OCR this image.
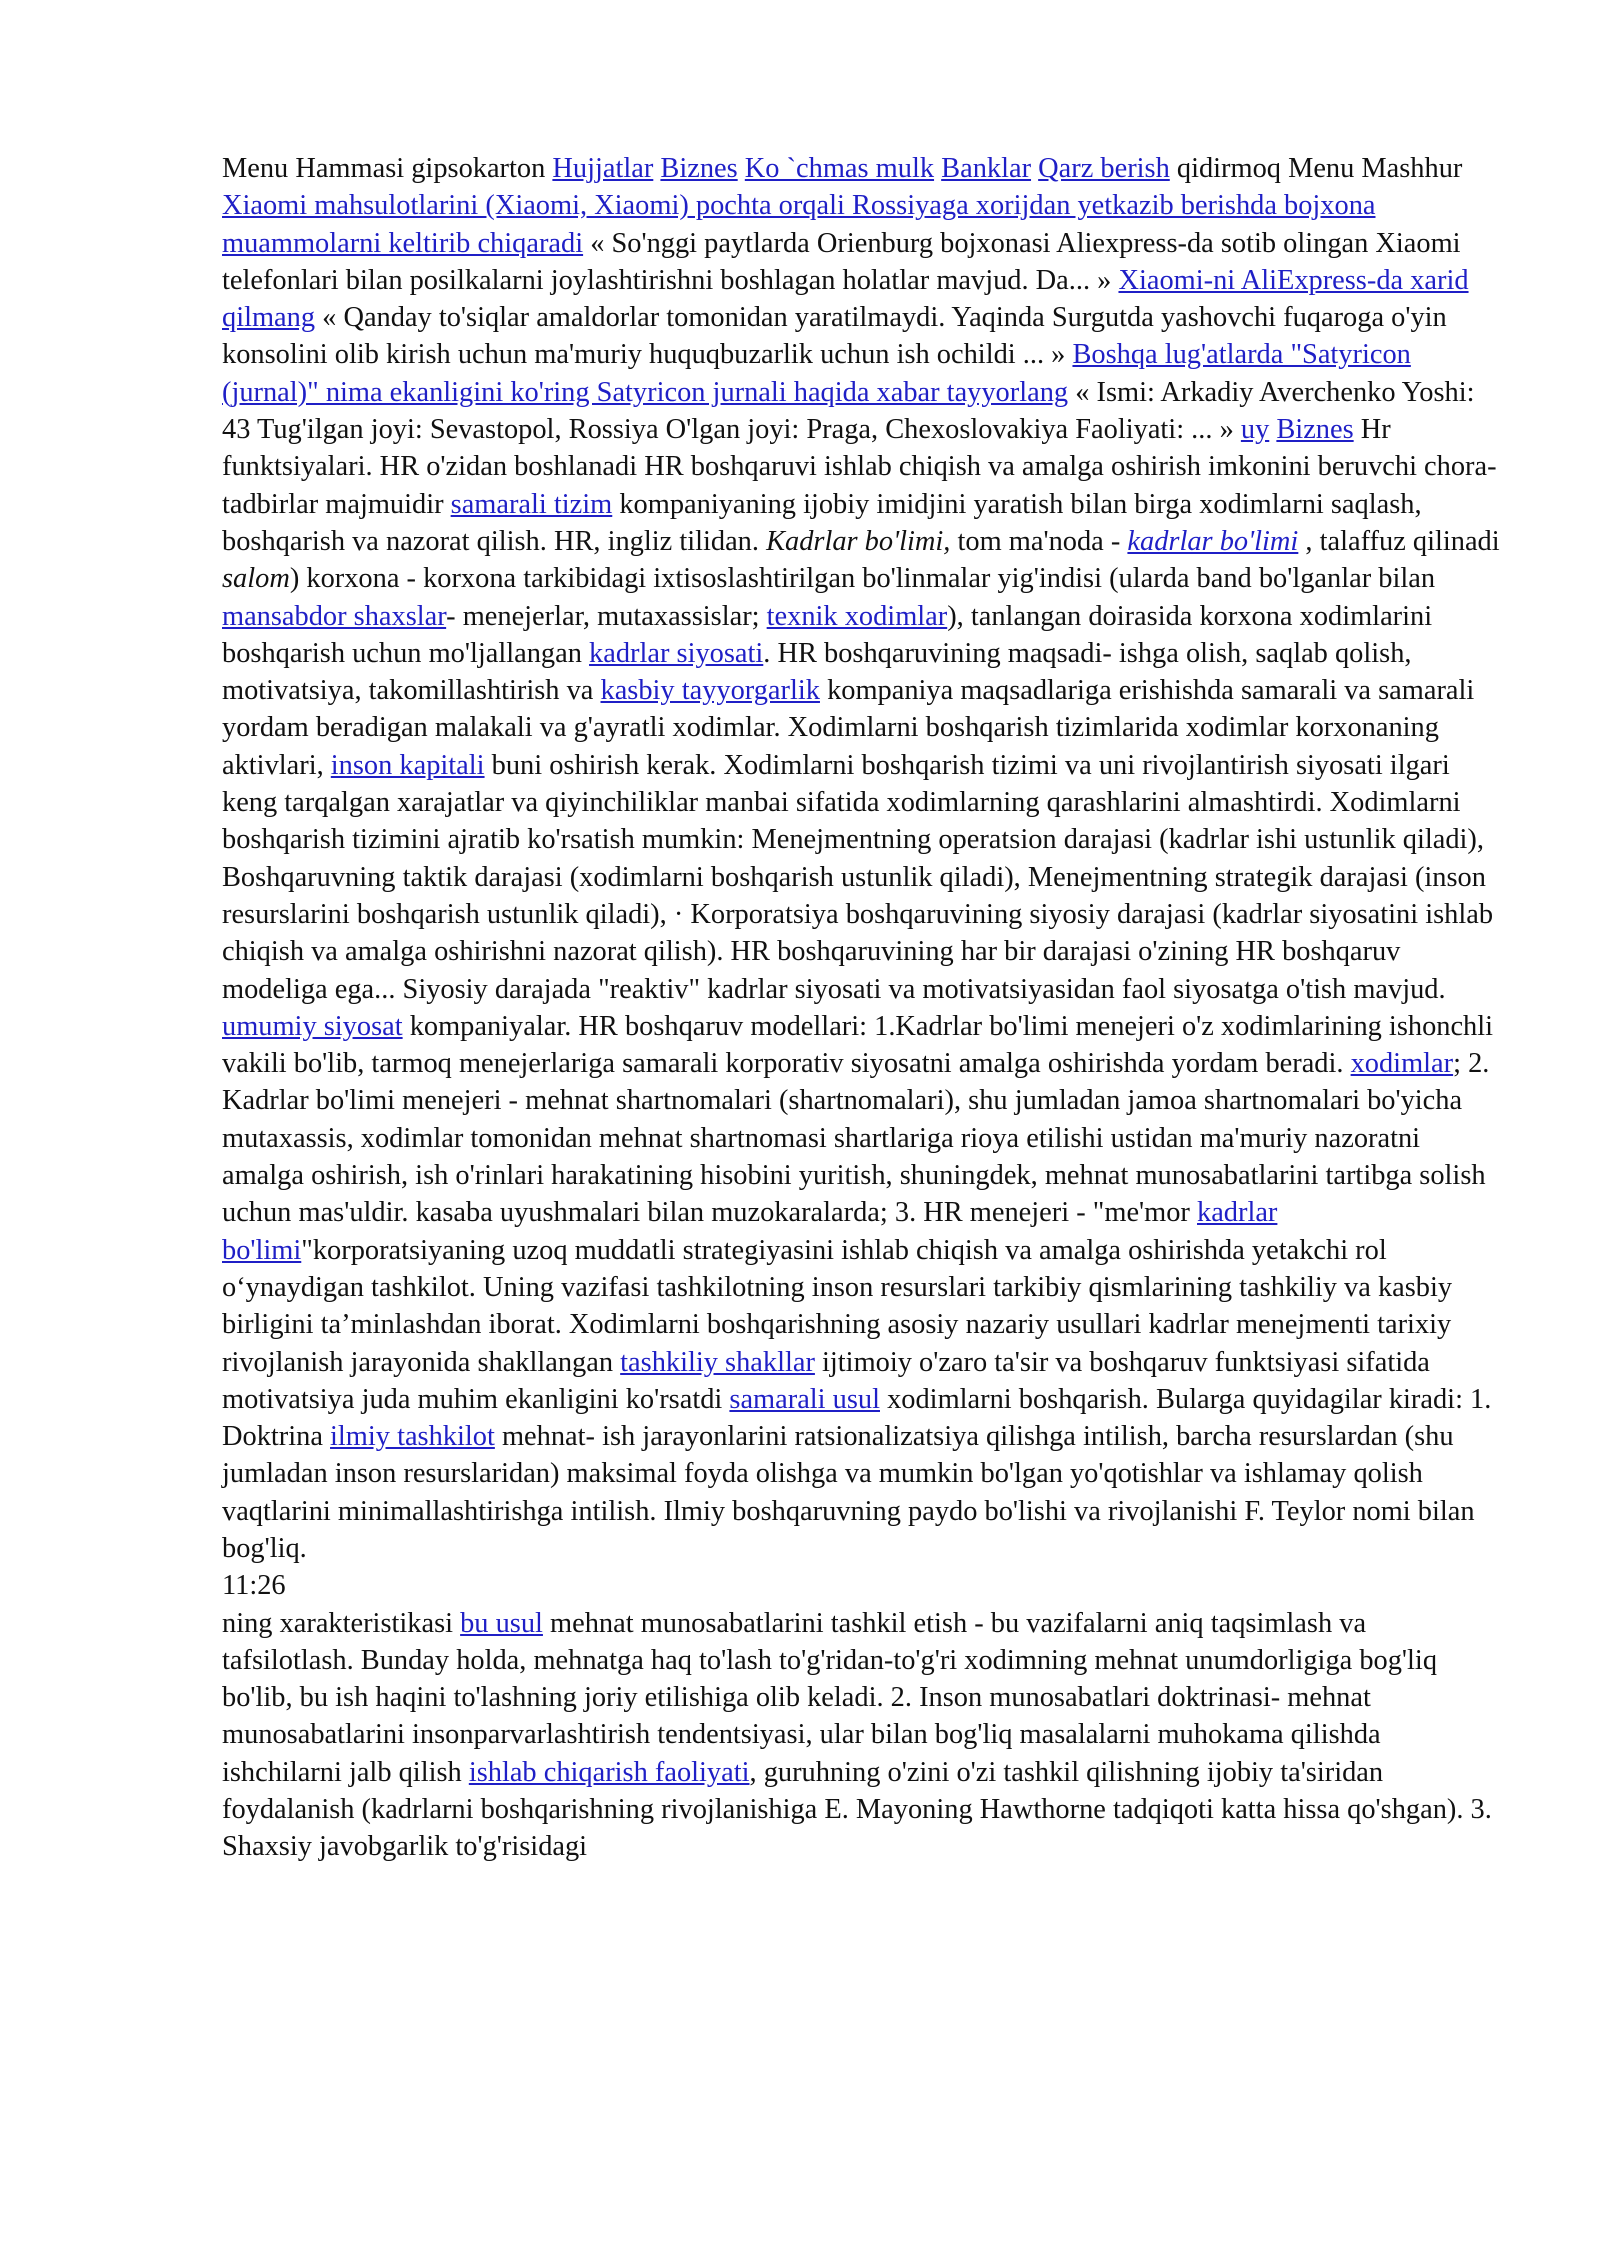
Menu Hammasi gipsokarton Hujjatlar Biznes Ko `chmas mulk Banklar Qarz berish qidirmoq Menu Mashhur Xiaomi mahsulotlarini (Xiaomi, Xiaomi) pochta orqali Rossiyaga xorijdan yetkazib berishda bojxona muammolarni keltirib chiqaradi « So'nggi paytlarda Orienburg bojxonasi Aliexpress-da sotib olingan Xiaomi telefonlari bilan posilkalarni joylashtirishni boshlagan holatlar mavjud. Da... » Xiaomi-ni AliExpress-da xarid qilmang « Qanday to'siqlar amaldorlar tomonidan yaratilmaydi. Yaqinda Surgutda yashovchi fuqaroga o'yin konsolini olib kirish uchun ma'muriy huquqbuzarlik uchun ish ochildi ... » Boshqa lug'atlarda "Satyricon (jurnal)" nima ekanligini ko'ring Satyricon jurnali haqida xabar tayyorlang « Ismi: Arkadiy Averchenko Yoshi: 43 Tug'ilgan joyi: Sevastopol, Rossiya O'lgan joyi: Praga, Chexoslovakiya Faoliyati: ... » uy Biznes Hr funktsiyalari. HR o'zidan boshlanadi HR boshqaruvi ishlab chiqish va amalga oshirish imkonini beruvchi chora-tadbirlar majmuidir samarali tizim kompaniyaning ijobiy imidjini yaratish bilan birga xodimlarni saqlash, boshqarish va nazorat qilish. HR, ingliz tilidan. Kadrlar bo'limi, tom ma'noda - kadrlar bo'limi , talaffuz qilinadi salom) korxona - korxona tarkibidagi ixtisoslashtirilgan bo'linmalar yig'indisi (ularda band bo'lganlar bilan mansabdor shaxslar- menejerlar, mutaxassislar; texnik xodimlar), tanlangan doirasida korxona xodimlarini boshqarish uchun mo'ljallangan kadrlar siyosati. HR boshqaruvining maqsadi- ishga olish, saqlab qolish, motivatsiya, takomillashtirish va kasbiy tayyorgarlik kompaniya maqsadlariga erishishda samarali va samarali yordam beradigan malakali va g'ayratli xodimlar. Xodimlarni boshqarish tizimlarida xodimlar korxonaning aktivlari, inson kapitali buni oshirish kerak. Xodimlarni boshqarish tizimi va uni rivojlantirish siyosati ilgari keng tarqalgan xarajatlar va qiyinchiliklar manbai sifatida xodimlarning qarashlarini almashtirdi. Xodimlarni boshqarish tizimini ajratib ko'rsatish mumkin: Menejmentning operatsion darajasi (kadrlar ishi ustunlik qiladi), Boshqaruvning taktik darajasi (xodimlarni boshqarish ustunlik qiladi), Menejmentning strategik darajasi (inson resurslarini boshqarish ustunlik qiladi), · Korporatsiya boshqaruvining siyosiy darajasi (kadrlar siyosatini ishlab chiqish va amalga oshirishni nazorat qilish). HR boshqaruvining har bir darajasi o'zining HR boshqaruv modeliga ega... Siyosiy darajada "reaktiv" kadrlar siyosati va motivatsiyasidan faol siyosatga o'tish mavjud. umumiy siyosat kompaniyalar. HR boshqaruv modellari: 1.Kadrlar bo'limi menejeri o'z xodimlarining ishonchli vakili bo'lib, tarmoq menejerlariga samarali korporativ siyosatni amalga oshirishda yordam beradi. xodimlar; 2. Kadrlar bo'limi menejeri - mehnat shartnomalari (shartnomalari), shu jumladan jamoa shartnomalari bo'yicha mutaxassis, xodimlar tomonidan mehnat shartnomasi shartlariga rioya etilishi ustidan ma'muriy nazoratni amalga oshirish, ish o'rinlari harakatining hisobini yuritish, shuningdek, mehnat munosabatlarini tartibga solish uchun mas'uldir. kasaba uyushmalari bilan muzokaralarda; 3. HR menejeri - "me'mor kadrlar bo'limi"korporatsiyaning uzoq muddatli strategiyasini ishlab chiqish va amalga oshirishda yetakchi rol o‘ynaydigan tashkilot. Uning vazifasi tashkilotning inson resurslari tarkibiy qismlarining tashkiliy va kasbiy birligini ta’minlashdan iborat. Xodimlarni boshqarishning asosiy nazariy usullari kadrlar menejmenti tarixiy rivojlanish jarayonida shakllangan tashkiliy shakllar ijtimoiy o'zaro ta'sir va boshqaruv funktsiyasi sifatida motivatsiya juda muhim ekanligini ko'rsatdi samarali usul xodimlarni boshqarish. Bularga quyidagilar kiradi: 1. Doktrina ilmiy tashkilot mehnat- ish jarayonlarini ratsionalizatsiya qilishga intilish, barcha resurslardan (shu jumladan inson resurslaridan) maksimal foyda olishga va mumkin bo'lgan yo'qotishlar va ishlamay qolish vaqtlarini minimallashtirishga intilish. Ilmiy boshqaruvning paydo bo'lishi va rivojlanishi F. Teylor nomi bilan bog'liq.

11:26

ning xarakteristikasi bu usul mehnat munosabatlarini tashkil etish - bu vazifalarni aniq taqsimlash va tafsilotlash. Bunday holda, mehnatga haq to'lash to'g'ridan-to'g'ri xodimning mehnat unumdorligiga bog'liq bo'lib, bu ish haqini to'lashning joriy etilishiga olib keladi. 2. Inson munosabatlari doktrinasi- mehnat munosabatlarini insonparvarlashtirish tendentsiyasi, ular bilan bog'liq masalalarni muhokama qilishda ishchilarni jalb qilish ishlab chiqarish faoliyati, guruhning o'zini o'zi tashkil qilishning ijobiy ta'siridan foydalanish (kadrlarni boshqarishning rivojlanishiga E. Mayoning Hawthorne tadqiqoti katta hissa qo'shgan). 3. Shaxsiy javobgarlik to'g'risidagi
